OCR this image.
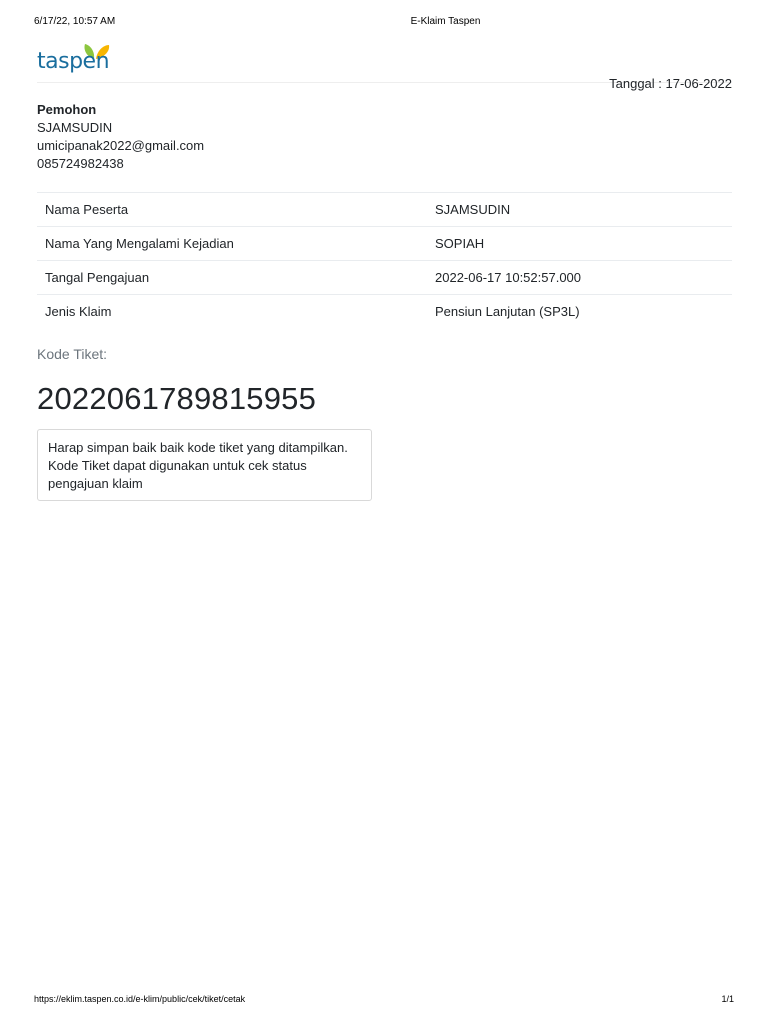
6/17/22, 10:57 AM	E-Klaim Taspen
taspen
Tanggal : 17-06-2022
Pemohon
SJAMSUDIN
umicipanak2022@gmail.com
085724982438
Nama Peserta	SJAMSUDIN
Nama Yang Mengalami Kejadian	SOPIAH
Tangal Pengajuan	2022-06-17 10:52:57.000
Jenis Klaim	Pensiun Lanjutan (SP3L)
Kode Tiket:
2022061789815955
Harap simpan baik baik kode tiket yang ditampilkan.
Kode Tiket dapat digunakan untuk cek status
pengajuan klaim
https://eklim.taspen.co.id/e-klim/public/cek/tiket/cetak	1/1
